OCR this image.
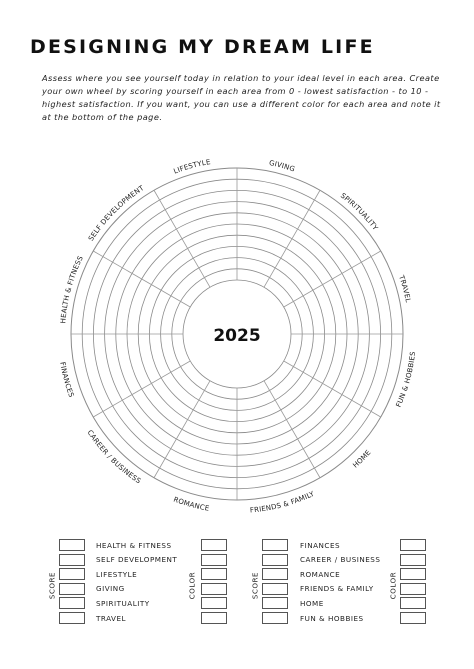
DESIGNING MY DREAM LIFE

Assess where you see yourself today in relation to your ideal level in each area. Create your own wheel by scoring yourself in each area from 0 - lowest satisfaction - to 10 - highest satisfaction. If you want, you can use a different color for each area and note it at the bottom of the page.

2025
LIFESTYLE	GIVING
SPIRITUALITY
TRAVEL
FUN & HOBBIES
HOME
FRIENDS & FAMILY
ROMANCE
CAREER / BUSINESS
FINANCES
HEALTH & FITNESS
SELF DEVELOPMENT
SCORE	COLOR
HEALTH & FITNESS
SELF DEVELOPMENT
LIFESTYLE
GIVING
SPIRITUALITY
TRAVEL
SCORE	COLOR
FINANCES
CAREER / BUSINESS
ROMANCE
FRIENDS & FAMILY
HOME
FUN & HOBBIES
